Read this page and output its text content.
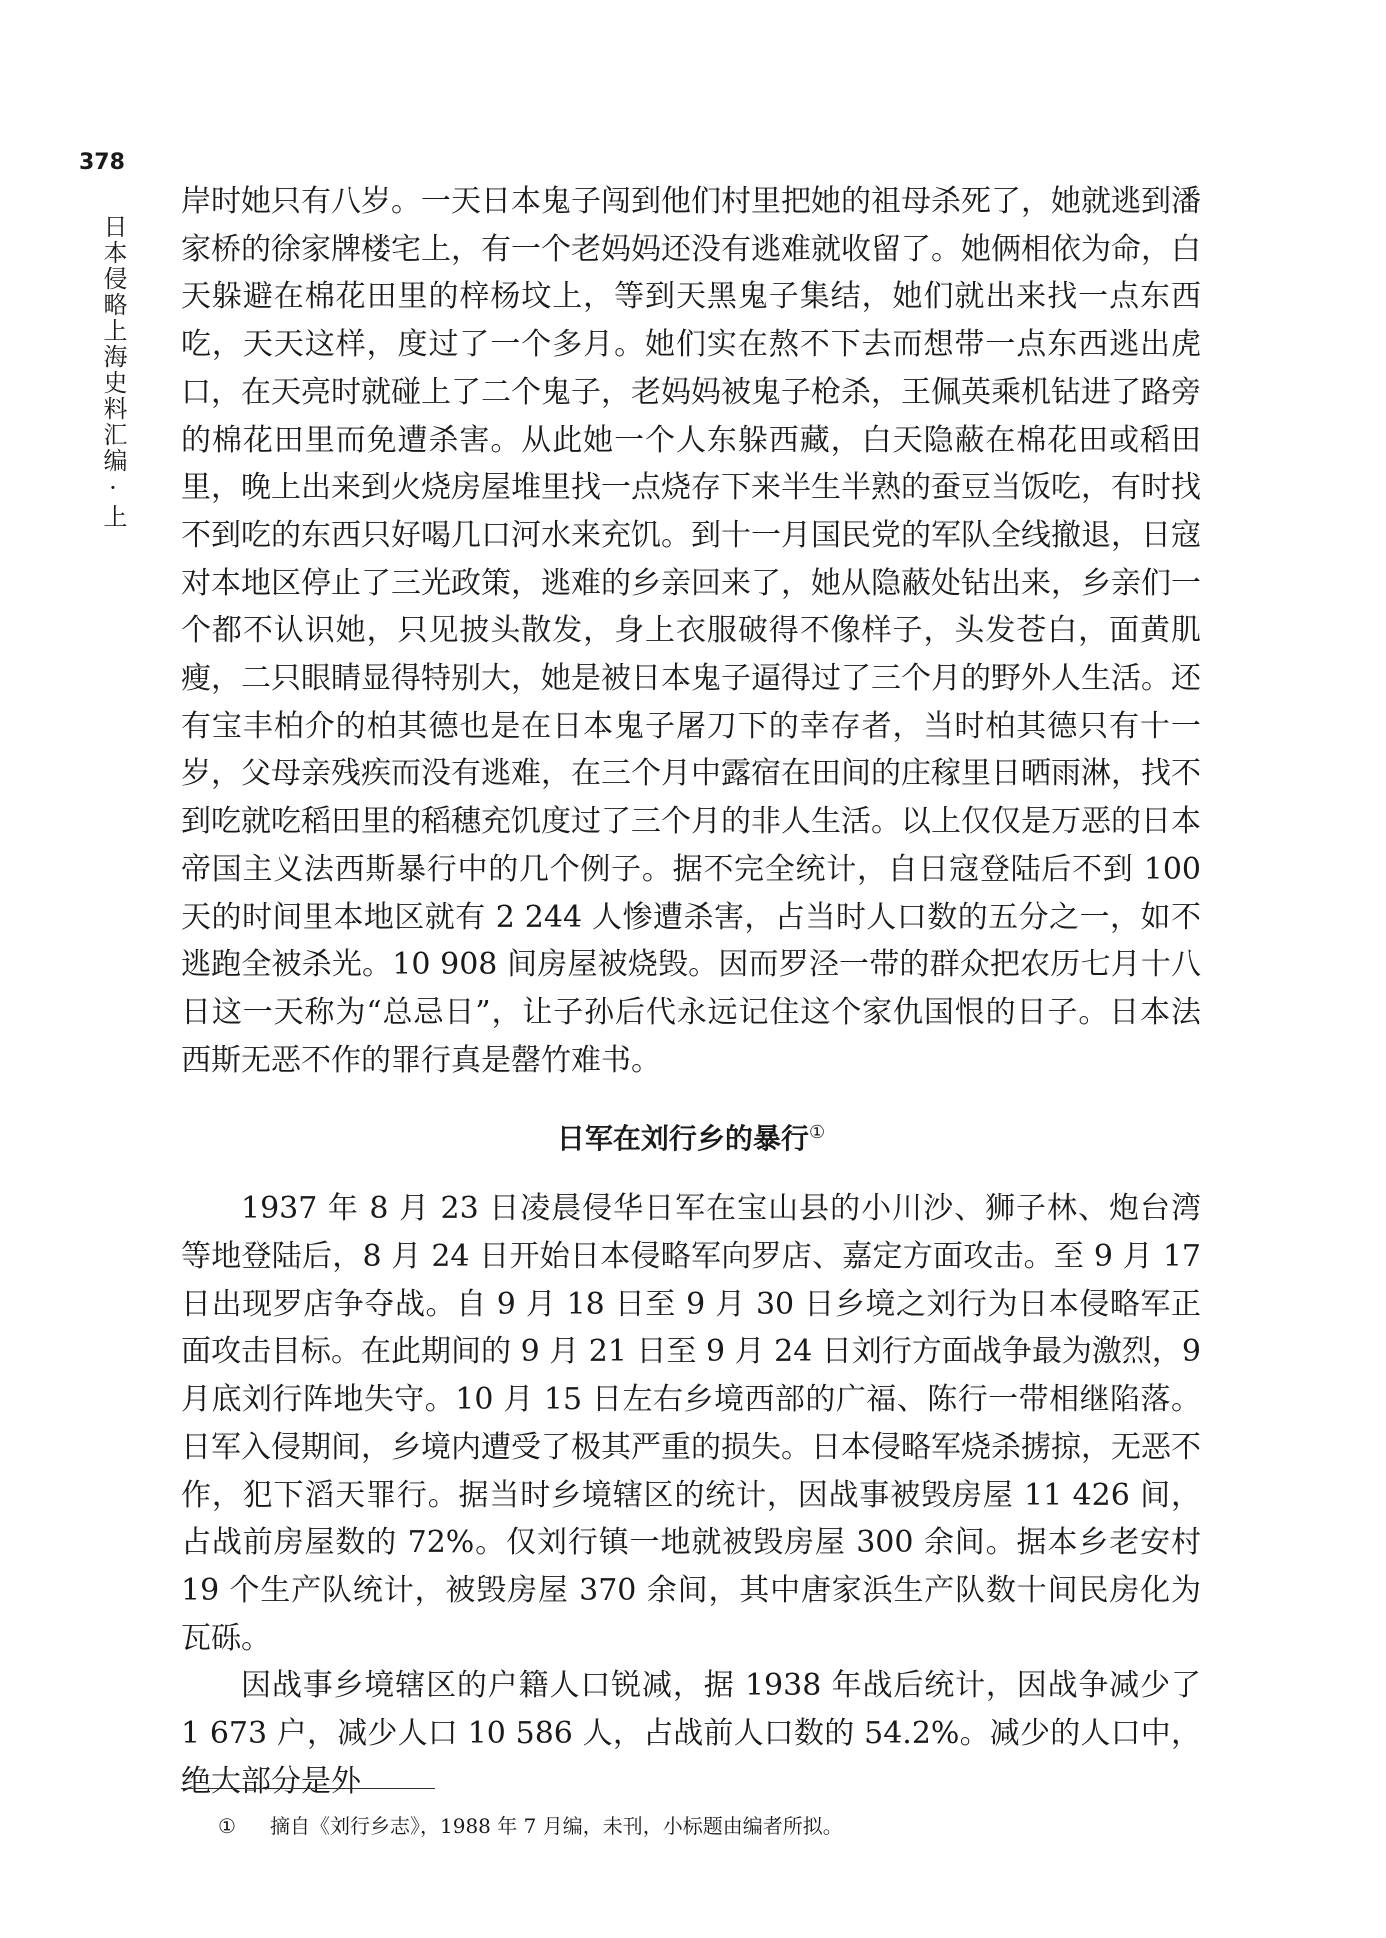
378
日本侵略上海史料汇编·上

岸时她只有八岁。一天日本鬼子闯到他们村里把她的祖母杀死了，她就逃到潘家桥的徐家牌楼宅上，有一个老妈妈还没有逃难就收留了。她俩相依为命，白天躲避在棉花田里的梓杨坟上，等到天黑鬼子集结，她们就出来找一点东西吃，天天这样，度过了一个多月。她们实在熬不下去而想带一点东西逃出虎口，在天亮时就碰上了二个鬼子，老妈妈被鬼子枪杀，王佩英乘机钻进了路旁的棉花田里而免遭杀害。从此她一个人东躲西藏，白天隐蔽在棉花田或稻田里，晚上出来到火烧房屋堆里找一点烧存下来半生半熟的蚕豆当饭吃，有时找不到吃的东西只好喝几口河水来充饥。到十一月国民党的军队全线撤退，日寇对本地区停止了三光政策，逃难的乡亲回来了，她从隐蔽处钻出来，乡亲们一个都不认识她，只见披头散发，身上衣服破得不像样子，头发苍白，面黄肌瘦，二只眼睛显得特别大，她是被日本鬼子逼得过了三个月的野外人生活。还有宝丰柏介的柏其德也是在日本鬼子屠刀下的幸存者，当时柏其德只有十一岁，父母亲残疾而没有逃难，在三个月中露宿在田间的庄稼里日晒雨淋，找不到吃就吃稻田里的稻穗充饥度过了三个月的非人生活。以上仅仅是万恶的日本帝国主义法西斯暴行中的几个例子。据不完全统计，自日寇登陆后不到 100 天的时间里本地区就有 2 244 人惨遭杀害，占当时人口数的五分之一，如不逃跑全被杀光。10 908 间房屋被烧毁。因而罗泾一带的群众把农历七月十八日这一天称为“总忌日”，让子孙后代永远记住这个家仇国恨的日子。日本法西斯无恶不作的罪行真是罄竹难书。

日军在刘行乡的暴行①

1937 年 8 月 23 日凌晨侵华日军在宝山县的小川沙、狮子林、炮台湾等地登陆后，8 月 24 日开始日本侵略军向罗店、嘉定方面攻击。至 9 月 17 日出现罗店争夺战。自 9 月 18 日至 9 月 30 日乡境之刘行为日本侵略军正面攻击目标。在此期间的 9 月 21 日至 9 月 24 日刘行方面战争最为激烈，9 月底刘行阵地失守。10 月 15 日左右乡境西部的广福、陈行一带相继陷落。日军入侵期间，乡境内遭受了极其严重的损失。日本侵略军烧杀掳掠，无恶不作，犯下滔天罪行。据当时乡境辖区的统计，因战事被毁房屋 11 426 间，占战前房屋数的 72%。仅刘行镇一地就被毁房屋 300 余间。据本乡老安村 19 个生产队统计，被毁房屋 370 余间，其中唐家浜生产队数十间民房化为瓦砾。

因战事乡境辖区的户籍人口锐减，据 1938 年战后统计，因战争减少了 1 673 户，减少人口 10 586 人，占战前人口数的 54.2%。减少的人口中，绝大部分是外

① 摘自《刘行乡志》，1988 年 7 月编，未刊，小标题由编者所拟。
